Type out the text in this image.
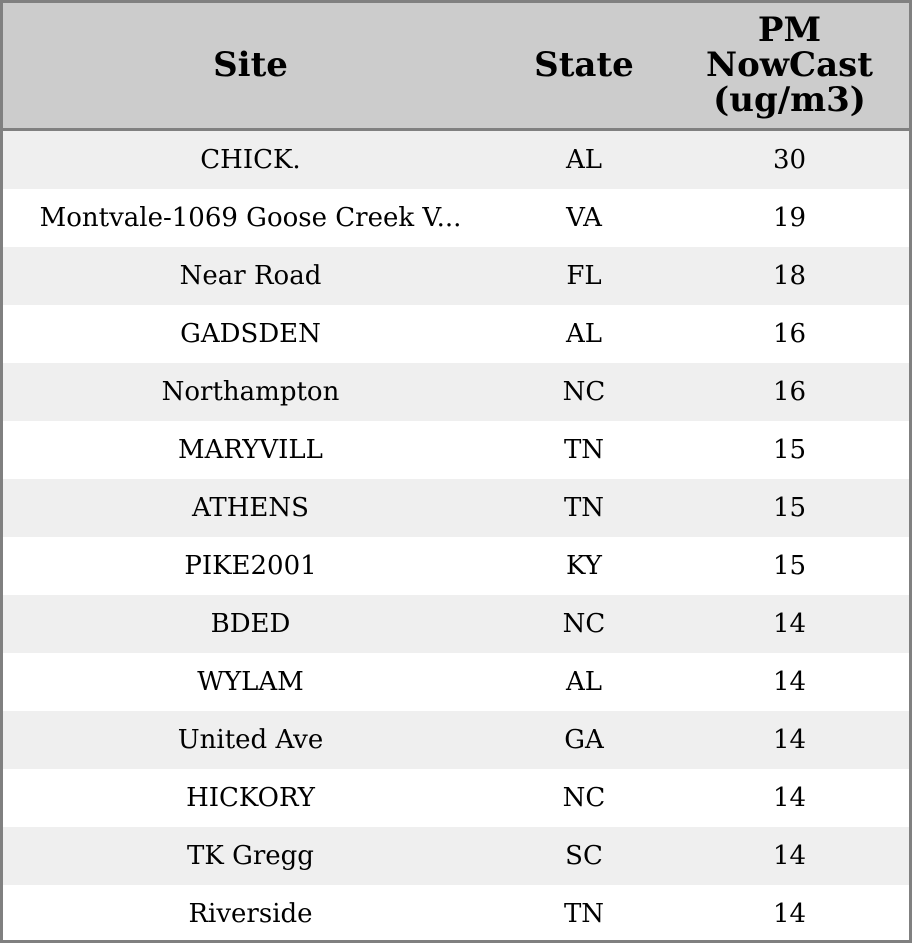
Site	State	PM
NowCast
(ug/m3)

CHICK.	AL	30
Montvale-1069 Goose Creek V...	VA	19
Near Road	FL	18
GADSDEN	AL	16
Northampton	NC	16
MARYVILL	TN	15
ATHENS	TN	15
PIKE2001	KY	15
BDED	NC	14
WYLAM	AL	14
United Ave	GA	14
HICKORY	NC	14
TK Gregg	SC	14
Riverside	TN	14
